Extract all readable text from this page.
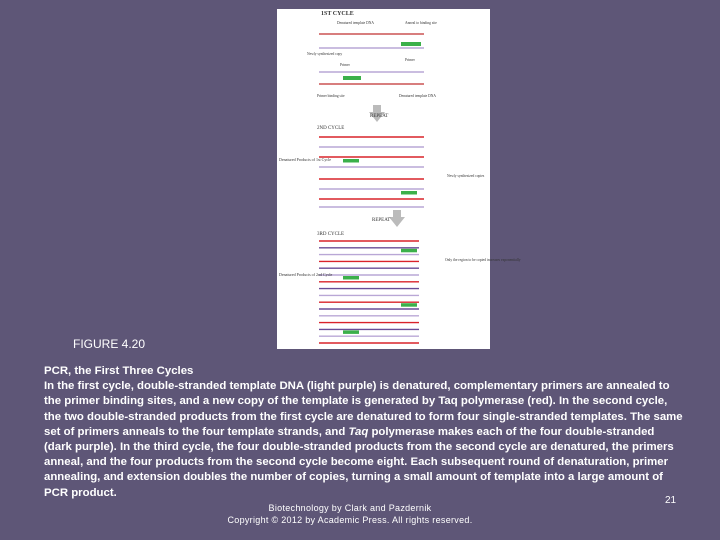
1ST CYCLE
Denatured template DNA	Anneal to binding site
Newly synthesized copy
Primer
Primer
Primer binding site	Denatured template DNA
REPEAT
2ND CYCLE
Denatured Products of 1st Cycle
Newly synthesized copies
REPEAT
3RD CYCLE
Denatured Products of 2nd Cycle
Only the region to be copied increases exponentially
FIGURE 4.20

PCR, the First Three Cycles

In the first cycle, double-stranded template DNA (light purple) is denatured, complementary primers are annealed to the primer binding sites, and a new copy of the template is generated by Taq polymerase (red). In the second cycle, the two double-stranded products from the first cycle are denatured to form four single-stranded templates. The same set of primers anneals to the four template strands, and Taq polymerase makes each of the four double-stranded (dark purple). In the third cycle, the four double-stranded products from the second cycle are denatured, the primers anneal, and the four products from the second cycle become eight. Each subsequent round of denaturation, primer annealing, and extension doubles the number of copies, turning a small amount of template into a large amount of PCR product.

Biotechnology by Clark and Pazdernik
Copyright © 2012 by Academic Press. All rights reserved.
21
